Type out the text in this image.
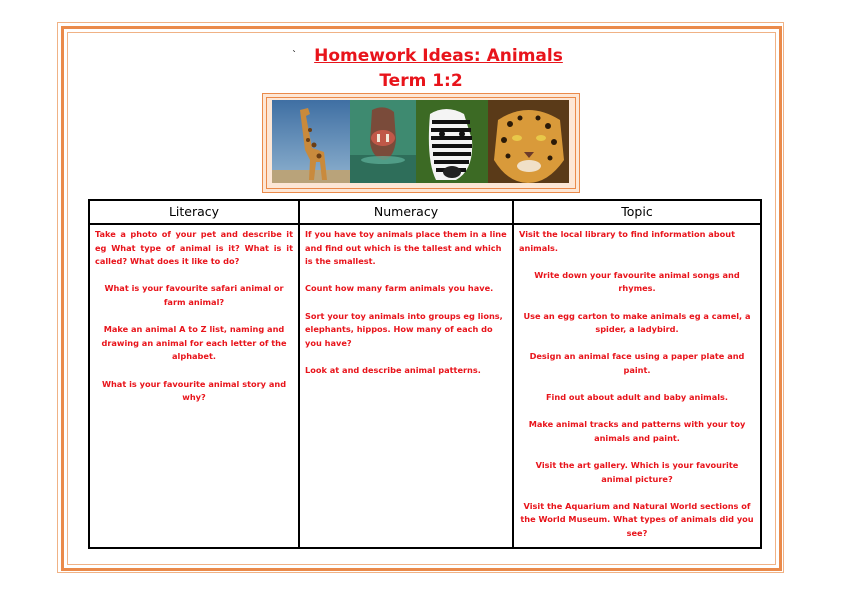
`	Homework Ideas: Animals
Term 1:2
Literacy

Take a photo of your pet and describe it eg What type of animal is it? What is it called? What does it like to do?

What is your favourite safari animal or farm animal?

Make an animal A to Z list, naming and drawing an animal for each letter of the alphabet.

What is your favourite animal story and why?

Numeracy

If you have toy animals place them in a line and find out which is the tallest and which is the smallest.

Count how many farm animals you have.

Sort your toy animals into groups eg lions, elephants, hippos. How many of each do you have?

Look at and describe animal patterns.

Topic

Visit the local library to find information about animals.

Write down your favourite animal songs and rhymes.

Use an egg carton to make animals eg a camel, a spider, a ladybird.

Design an animal face using a paper plate and paint.

Find out about adult and baby animals.

Make animal tracks and patterns with your toy animals and paint.

Visit the art gallery. Which is your favourite animal picture?

Visit the Aquarium and Natural World sections of the World Museum. What types of animals did you see?
